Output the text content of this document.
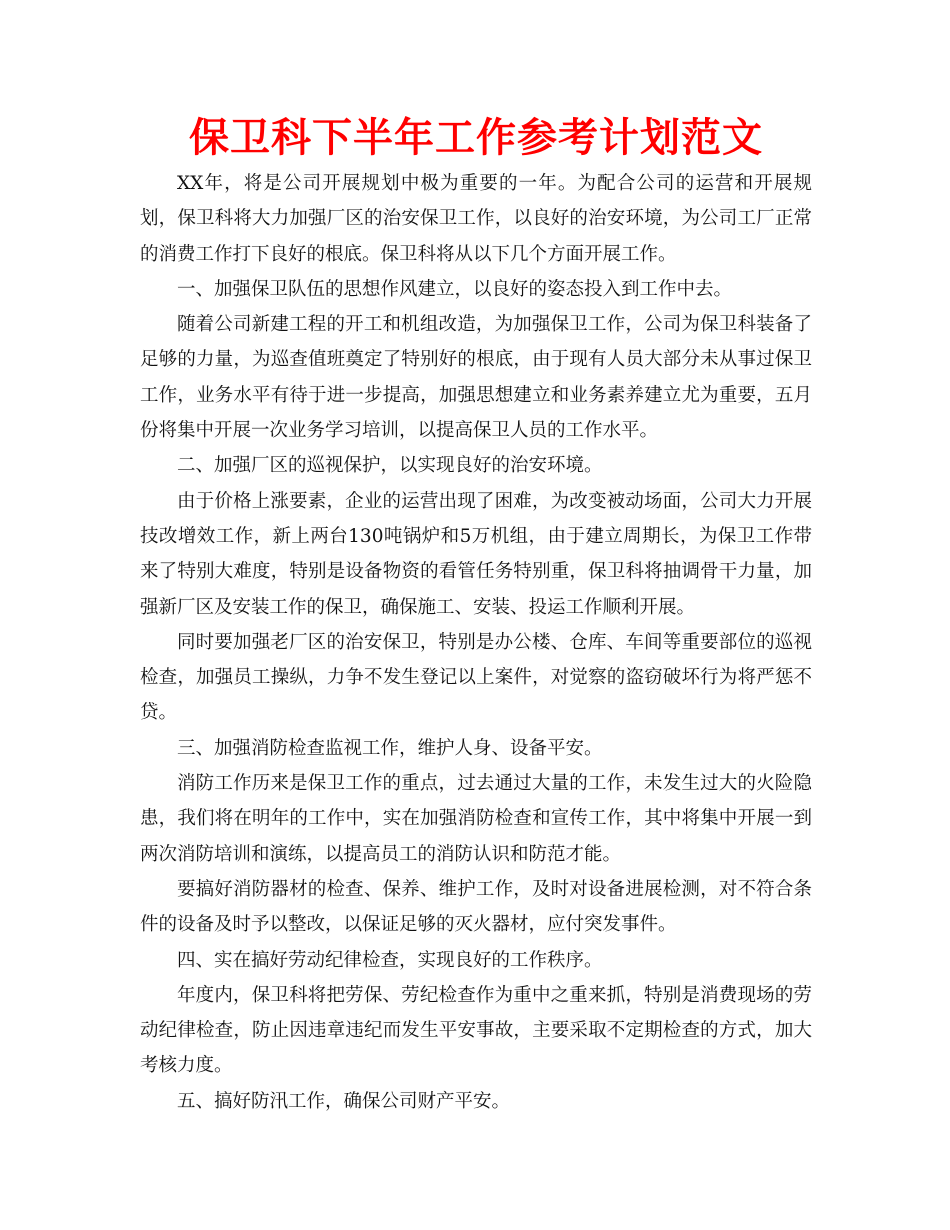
保卫科下半年工作参考计划范文

XX年，将是公司开展规划中极为重要的一年。为配合公司的运营和开展规划，保卫科将大力加强厂区的治安保卫工作，以良好的治安环境，为公司工厂正常的消费工作打下良好的根底。保卫科将从以下几个方面开展工作。

一、加强保卫队伍的思想作风建立，以良好的姿态投入到工作中去。

随着公司新建工程的开工和机组改造，为加强保卫工作，公司为保卫科装备了足够的力量，为巡查值班奠定了特别好的根底，由于现有人员大部分未从事过保卫工作，业务水平有待于进一步提高，加强思想建立和业务素养建立尤为重要，五月份将集中开展一次业务学习培训，以提高保卫人员的工作水平。

二、加强厂区的巡视保护，以实现良好的治安环境。

由于价格上涨要素，企业的运营出现了困难，为改变被动场面，公司大力开展技改增效工作，新上两台130吨锅炉和5万机组，由于建立周期长，为保卫工作带来了特别大难度，特别是设备物资的看管任务特别重，保卫科将抽调骨干力量，加强新厂区及安装工作的保卫，确保施工、安装、投运工作顺利开展。

同时要加强老厂区的治安保卫，特别是办公楼、仓库、车间等重要部位的巡视检查，加强员工操纵，力争不发生登记以上案件，对觉察的盗窃破坏行为将严惩不贷。

三、加强消防检查监视工作，维护人身、设备平安。

消防工作历来是保卫工作的重点，过去通过大量的工作，未发生过大的火险隐患，我们将在明年的工作中，实在加强消防检查和宣传工作，其中将集中开展一到两次消防培训和演练，以提高员工的消防认识和防范才能。

要搞好消防器材的检查、保养、维护工作，及时对设备进展检测，对不符合条件的设备及时予以整改，以保证足够的灭火器材，应付突发事件。

四、实在搞好劳动纪律检查，实现良好的工作秩序。

年度内，保卫科将把劳保、劳纪检查作为重中之重来抓，特别是消费现场的劳动纪律检查，防止因违章违纪而发生平安事故，主要采取不定期检查的方式，加大考核力度。

五、搞好防汛工作，确保公司财产平安。
